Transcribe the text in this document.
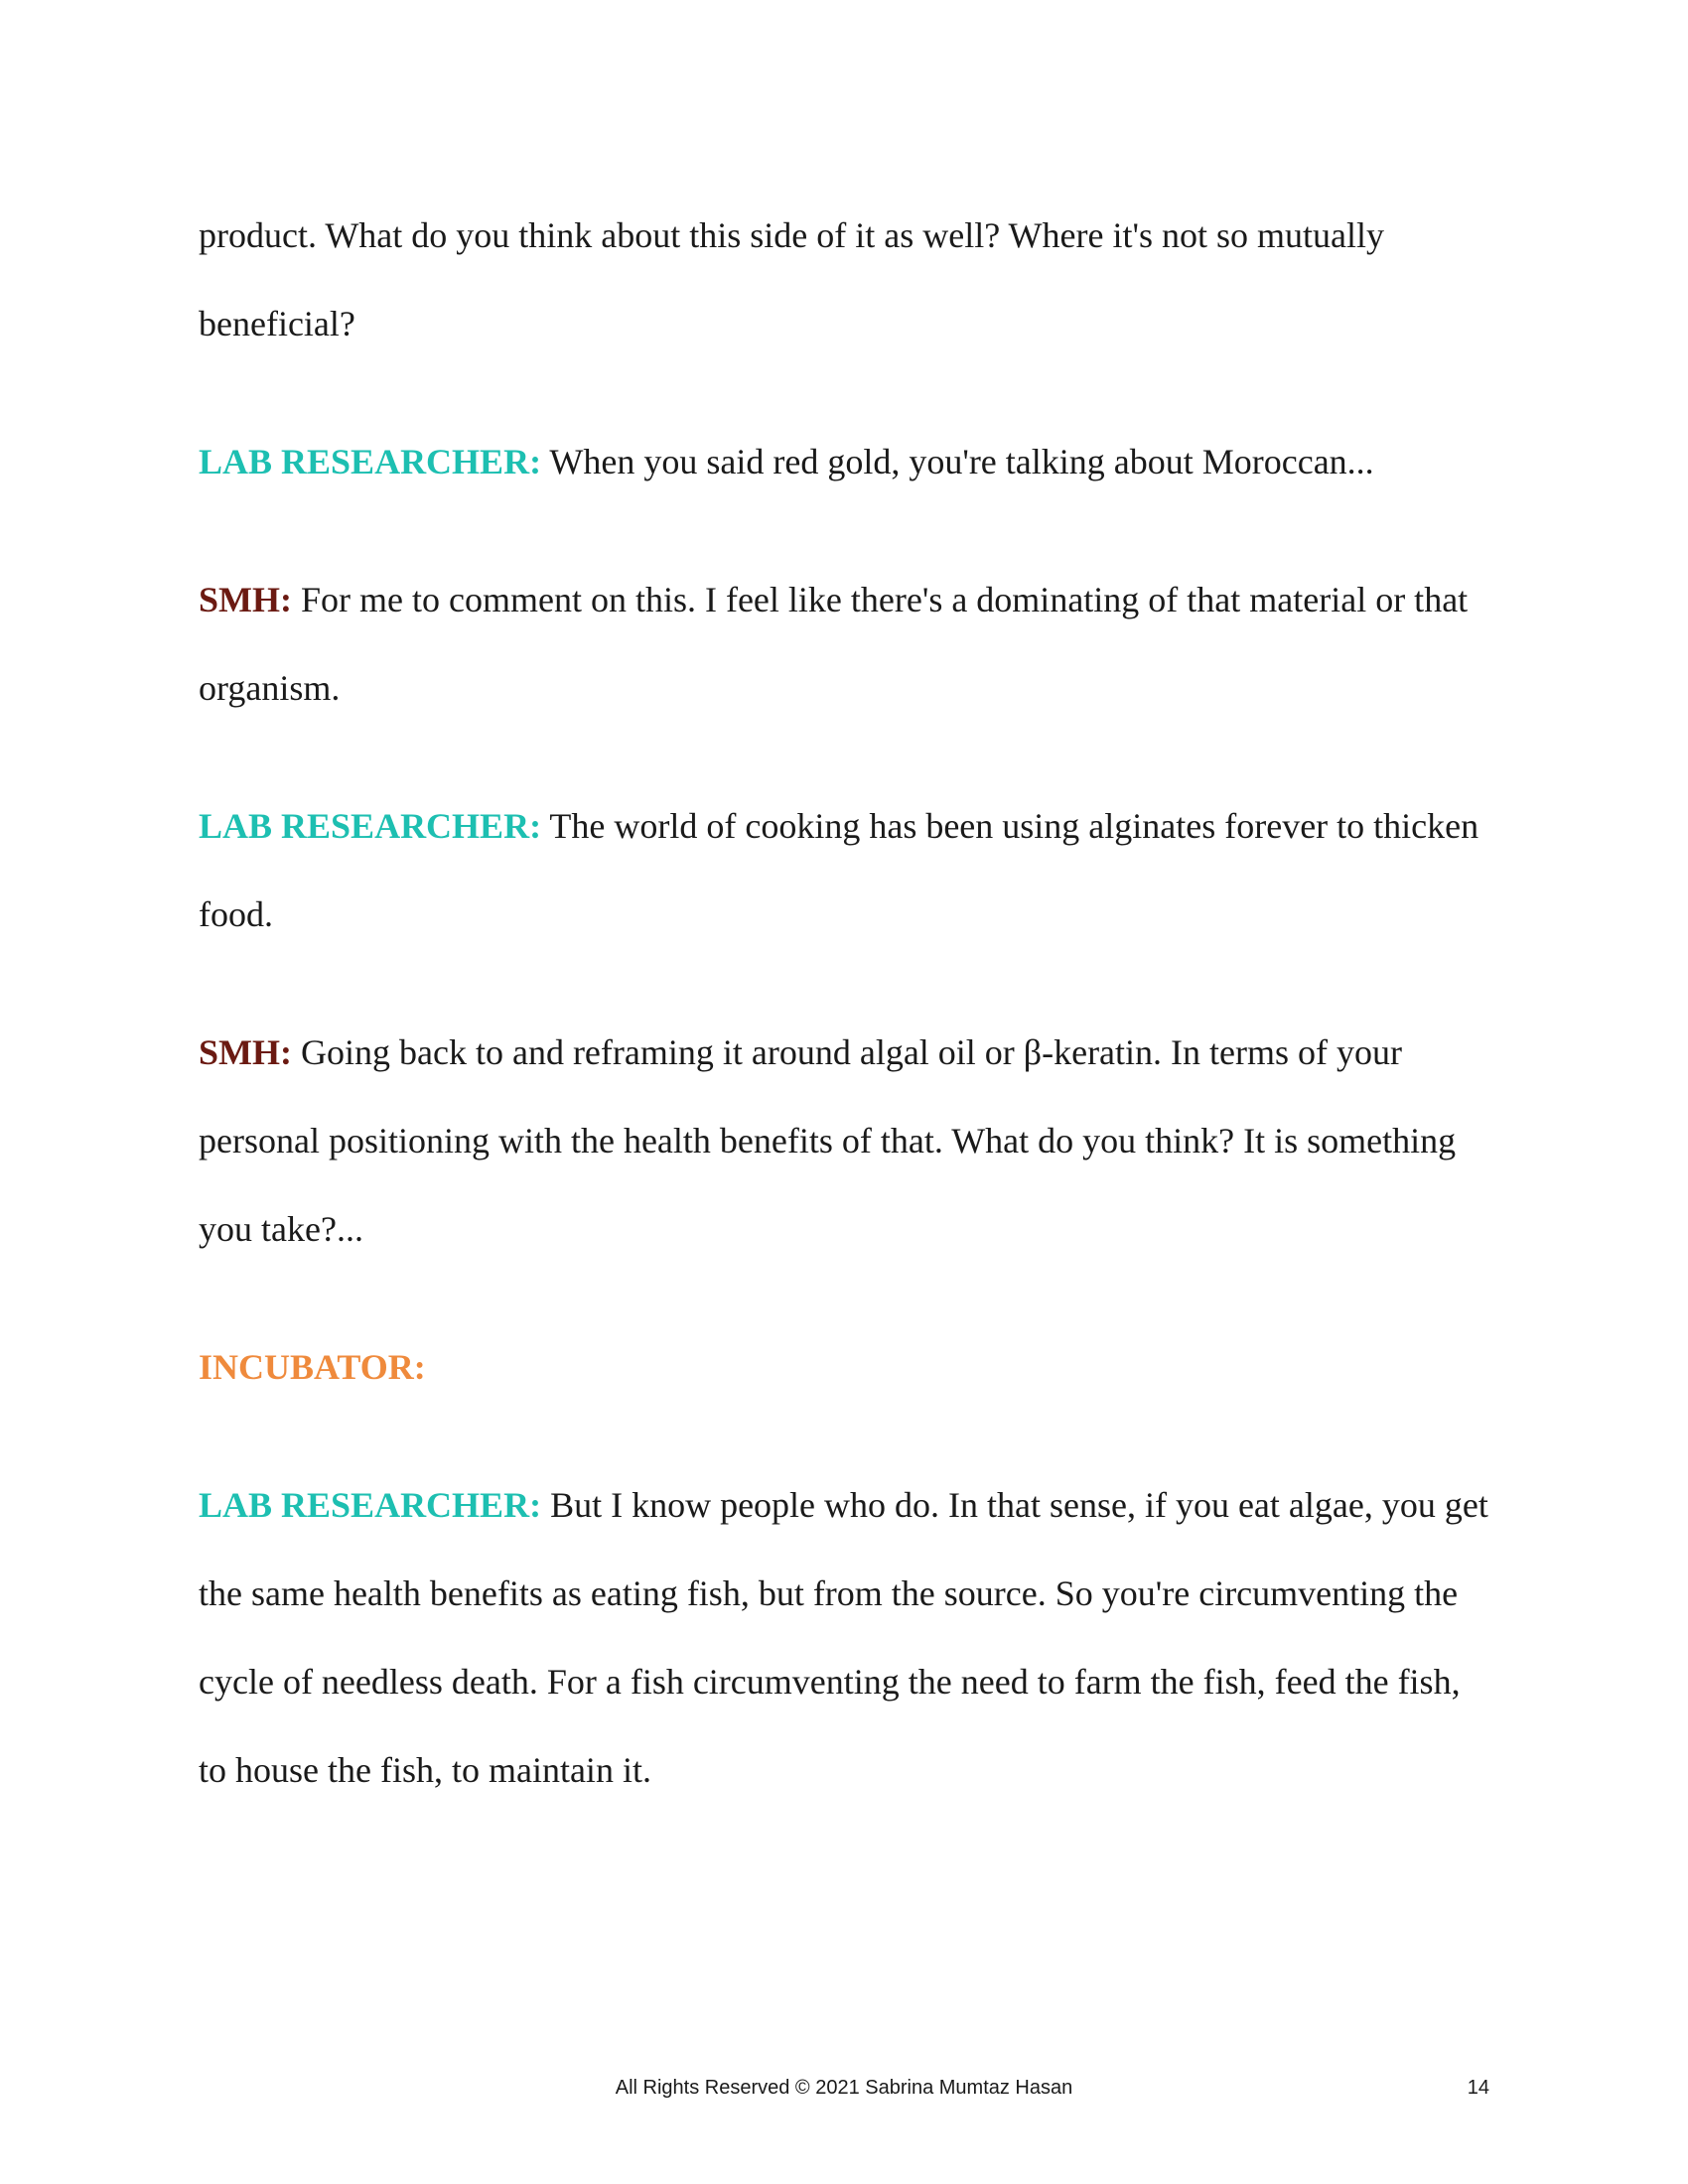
product. What do you think about this side of it as well? Where it's not so mutually beneficial?

LAB RESEARCHER: When you said red gold, you're talking about Moroccan...

SMH: For me to comment on this. I feel like there's a dominating of that material or that organism.

LAB RESEARCHER: The world of cooking has been using alginates forever to thicken food.

SMH: Going back to and reframing it around algal oil or β-keratin. In terms of your personal positioning with the health benefits of that. What do you think? It is something you take?...

INCUBATOR:

LAB RESEARCHER: But I know people who do. In that sense, if you eat algae, you get the same health benefits as eating fish, but from the source. So you're circumventing the cycle of needless death. For a fish circumventing the need to farm the fish, feed the fish, to house the fish, to maintain it.

All Rights Reserved © 2021 Sabrina Mumtaz Hasan	14
